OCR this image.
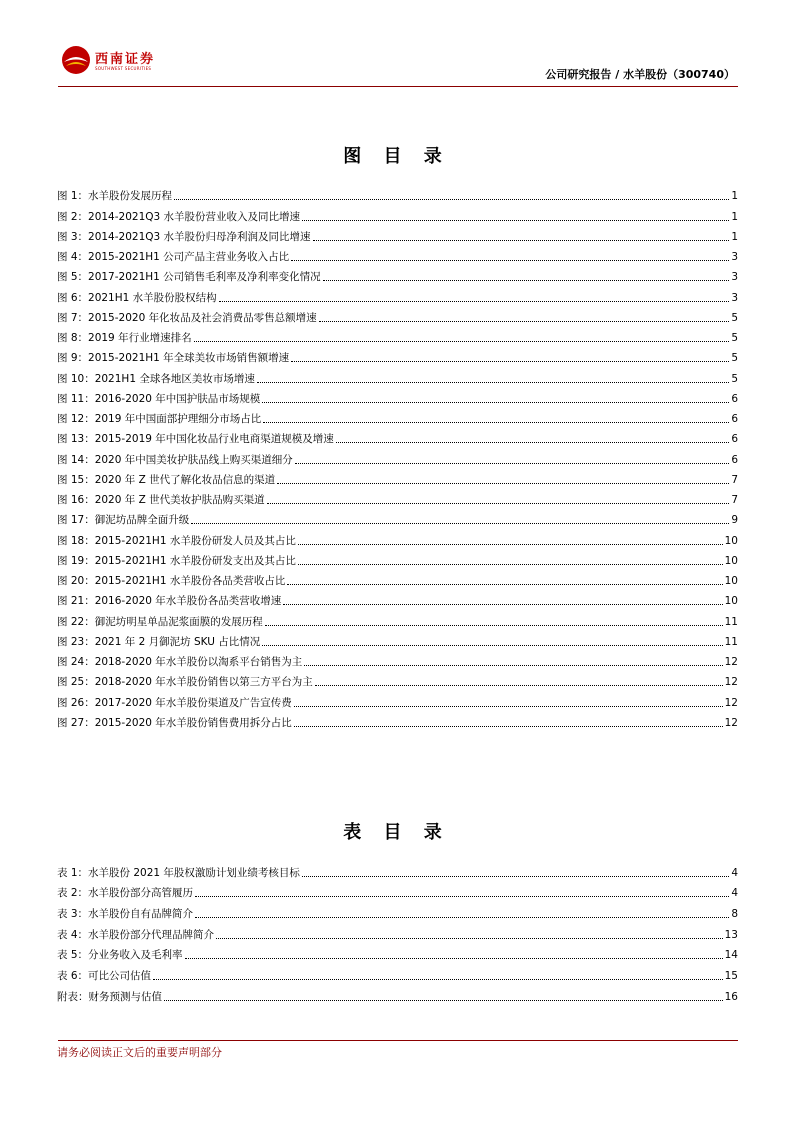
西南证券
SOUTHWEST SECURITIES	公司研究报告 / 水羊股份（300740）
图 目 录
图 1：水羊股份发展历程	1
图 2：2014-2021Q3 水羊股份营业收入及同比增速	1
图 3：2014-2021Q3 水羊股份归母净利润及同比增速	1
图 4：2015-2021H1 公司产品主营业务收入占比	3
图 5：2017-2021H1 公司销售毛利率及净利率变化情况	3
图 6：2021H1 水羊股份股权结构	3
图 7：2015-2020 年化妆品及社会消费品零售总额增速	5
图 8：2019 年行业增速排名	5
图 9：2015-2021H1 年全球美妆市场销售额增速	5
图 10：2021H1 全球各地区美妆市场增速	5
图 11：2016-2020 年中国护肤品市场规模	6
图 12：2019 年中国面部护理细分市场占比	6
图 13：2015-2019 年中国化妆品行业电商渠道规模及增速	6
图 14：2020 年中国美妆护肤品线上购买渠道细分	6
图 15：2020 年 Z 世代了解化妆品信息的渠道	7
图 16：2020 年 Z 世代美妆护肤品购买渠道	7
图 17：御泥坊品牌全面升级	9
图 18：2015-2021H1 水羊股份研发人员及其占比	10
图 19：2015-2021H1 水羊股份研发支出及其占比	10
图 20：2015-2021H1 水羊股份各品类营收占比	10
图 21：2016-2020 年水羊股份各品类营收增速	10
图 22：御泥坊明星单品泥浆面膜的发展历程	11
图 23：2021 年 2 月御泥坊 SKU 占比情况	11
图 24：2018-2020 年水羊股份以淘系平台销售为主	12
图 25：2018-2020 年水羊股份销售以第三方平台为主	12
图 26：2017-2020 年水羊股份渠道及广告宣传费	12
图 27：2015-2020 年水羊股份销售费用拆分占比	12
表 目 录
表 1：水羊股份 2021 年股权激励计划业绩考核目标	4
表 2：水羊股份部分高管履历	4
表 3：水羊股份自有品牌简介	8
表 4：水羊股份部分代理品牌简介	13
表 5：分业务收入及毛利率	14
表 6：可比公司估值	15
附表：财务预测与估值	16
请务必阅读正文后的重要声明部分
